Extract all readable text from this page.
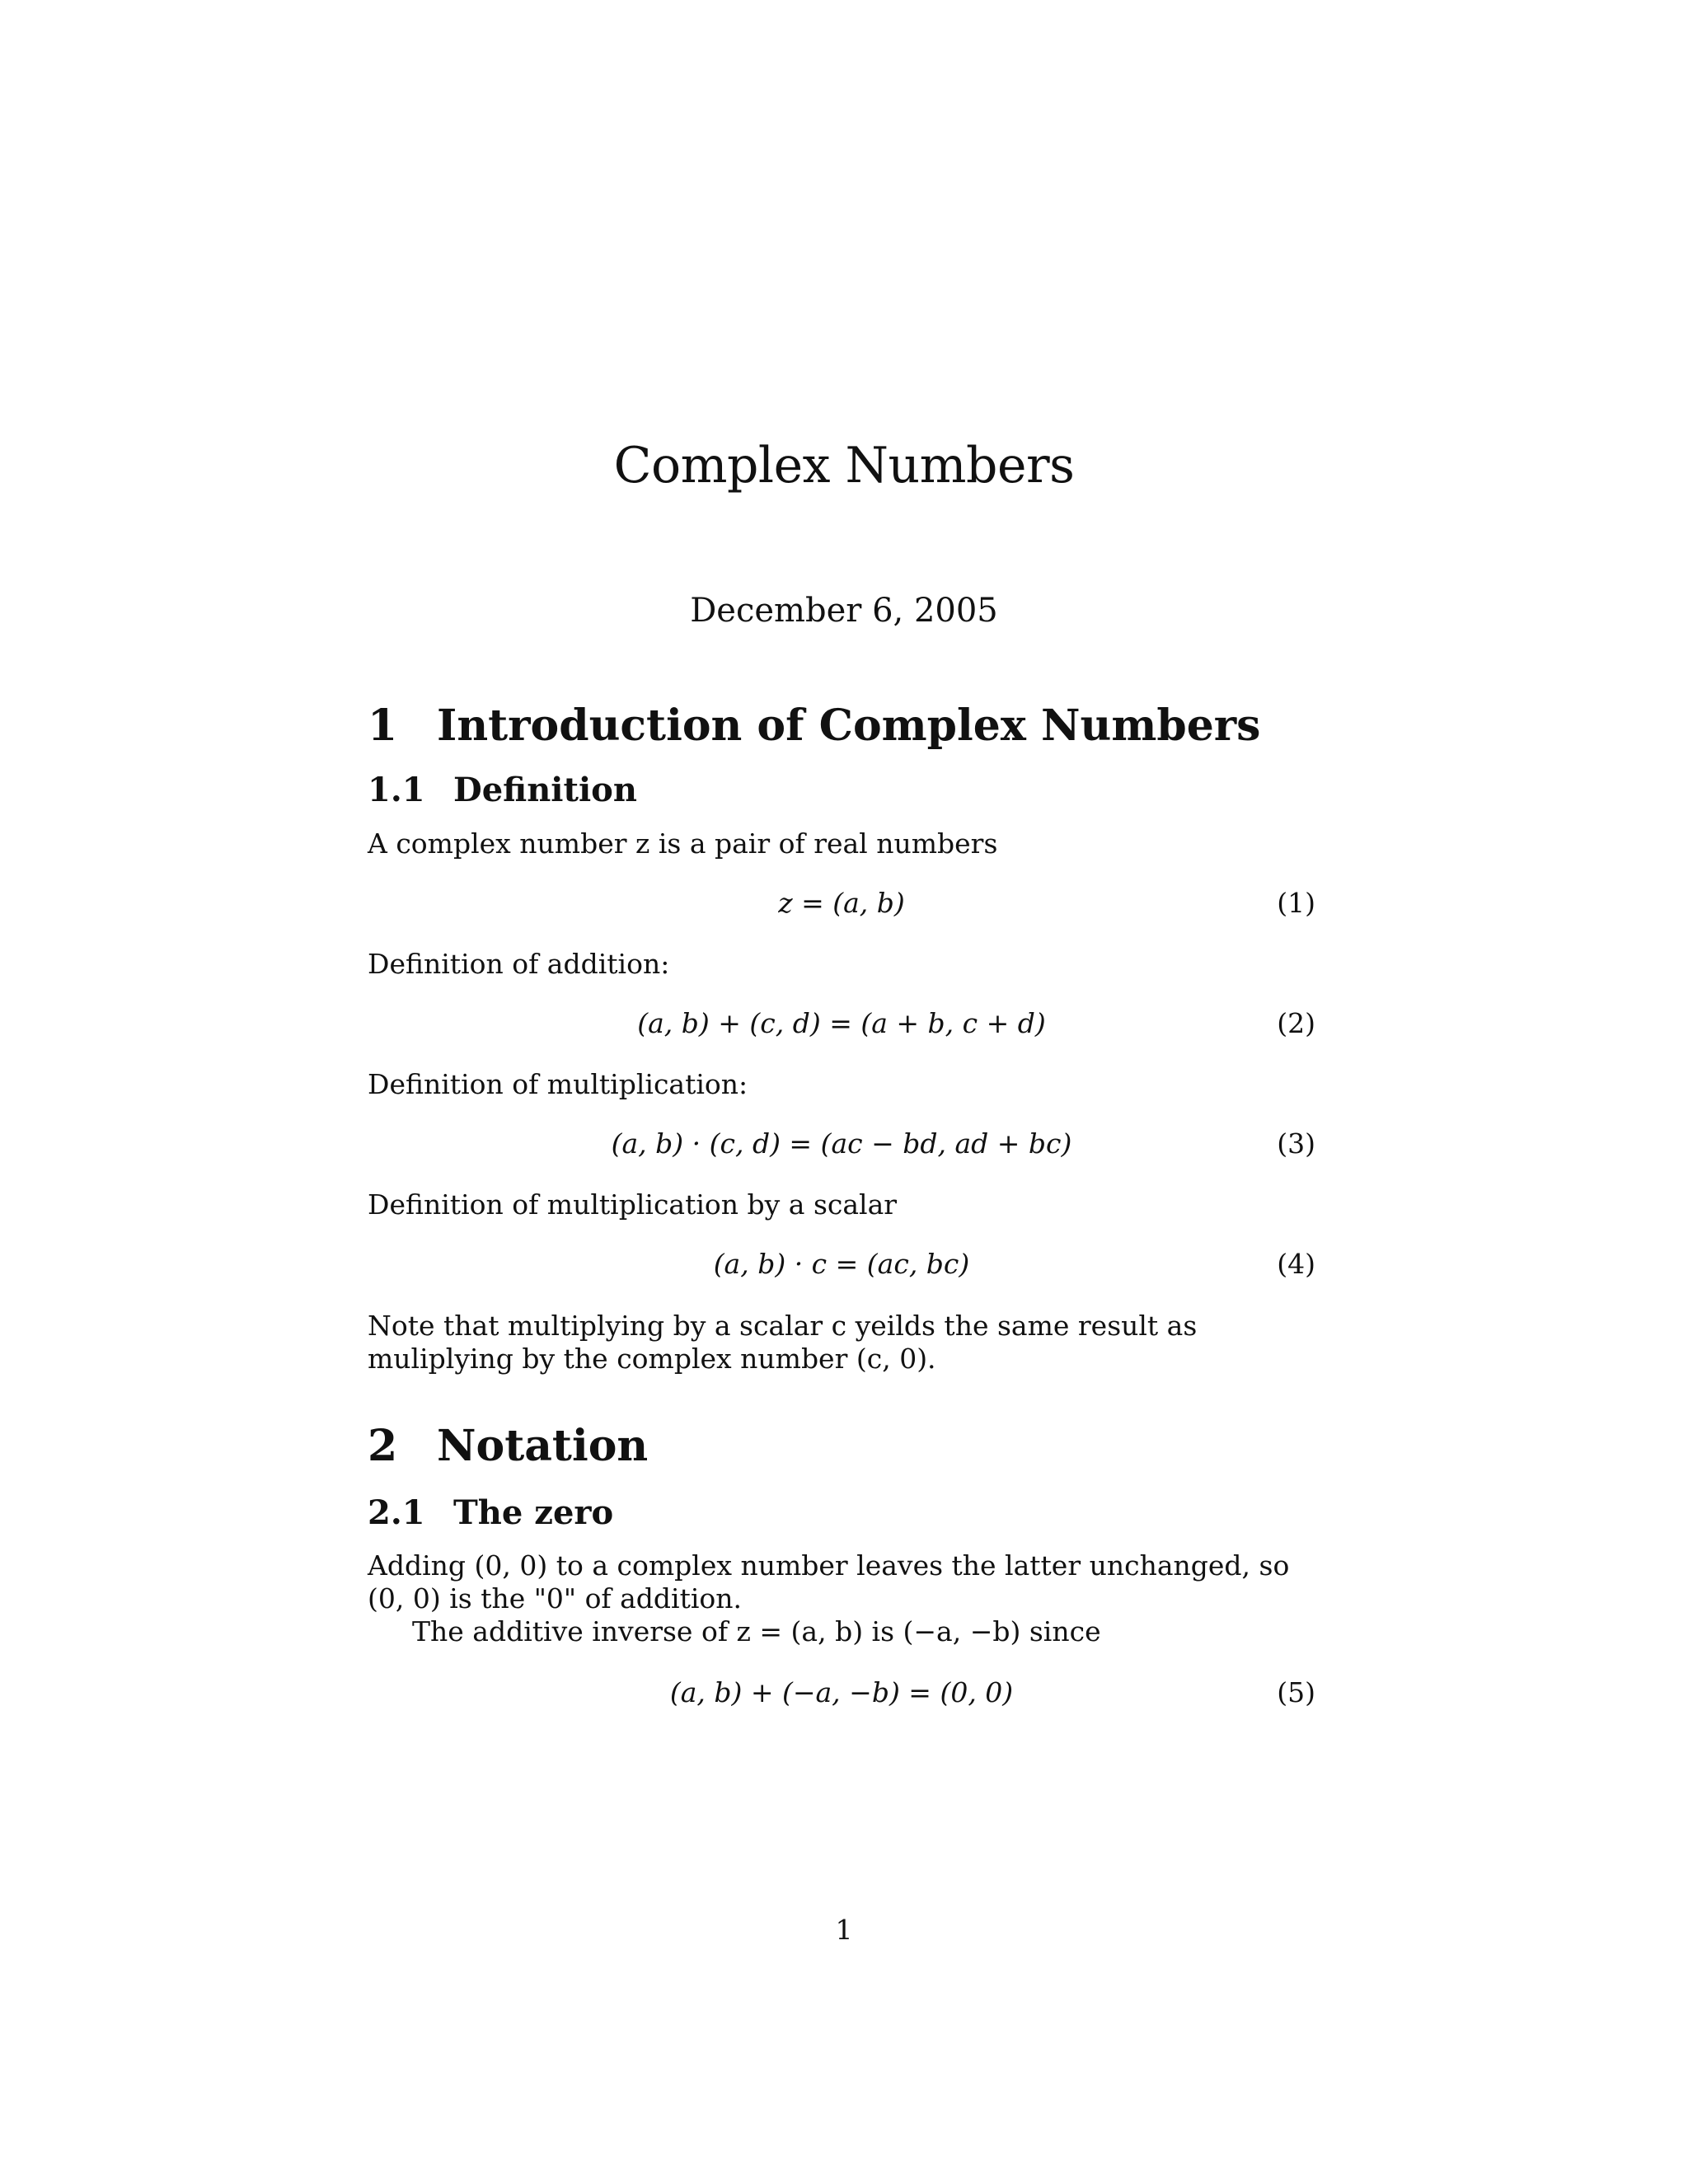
Complex Numbers
December 6, 2005
1 Introduction of Complex Numbers
1.1 Definition
A complex number z is a pair of real numbers
z = (a, b)	(1)
Definition of addition:
(a, b) + (c, d) = (a + b, c + d)	(2)
Definition of multiplication:
(a, b) · (c, d) = (ac − bd, ad + bc)	(3)
Definition of multiplication by a scalar
(a, b) · c = (ac, bc)	(4)
Note that multiplying by a scalar c yeilds the same result as muliplying by the complex number (c, 0).
2 Notation
2.1 The zero
Adding (0, 0) to a complex number leaves the latter unchanged, so (0, 0) is the "0" of addition.
The additive inverse of z = (a, b) is (−a, −b) since
(a, b) + (−a, −b) = (0, 0)	(5)
1
